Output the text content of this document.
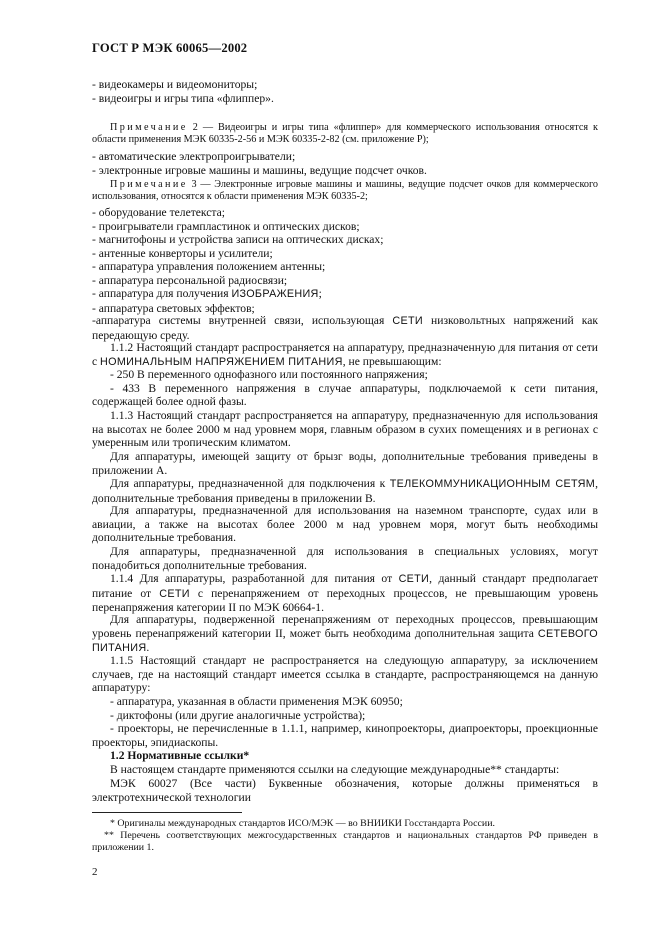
ГОСТ Р МЭК 60065—2002
- видеокамеры и видеомониторы;
- видеоигры и игры типа «флиппер».

Примечание 2 — Видеоигры и игры типа «флиппер» для коммерческого использования относятся к области применения МЭК 60335-2-56 и МЭК 60335-2-82 (см. приложение Р);

- автоматические электропроигрыватели;
- электронные игровые машины и машины, ведущие подсчет очков.

Примечание 3 — Электронные игровые машины и машины, ведущие подсчет очков для коммерческого использования, относятся к области применения МЭК 60335-2;

- оборудование телетекста;
- проигрыватели грампластинок и оптических дисков;
- магнитофоны и устройства записи на оптических дисках;
- антенные конверторы и усилители;
- аппаратура управления положением антенны;
- аппаратура персональной радиосвязи;
- аппаратура для получения ИЗОБРАЖЕНИЯ;
- аппаратура световых эффектов;

-аппаратура системы внутренней связи, использующая СЕТИ низковольтных напряжений как передающую среду.

1.1.2 Настоящий стандарт распространяется на аппаратуру, предназначенную для питания от сети с НОМИНАЛЬНЫМ НАПРЯЖЕНИЕМ ПИТАНИЯ, не превышающим:

- 250 В переменного однофазного или постоянного напряжения;
- 433 В переменного напряжения в случае аппаратуры, подключаемой к сети питания, содержащей более одной фазы.

1.1.3 Настоящий стандарт распространяется на аппаратуру, предназначенную для использования на высотах не более 2000 м над уровнем моря, главным образом в сухих помещениях и в регионах с умеренным или тропическим климатом.

Для аппаратуры, имеющей защиту от брызг воды, дополнительные требования приведены в приложении А.

Для аппаратуры, предназначенной для подключения к ТЕЛЕКОММУНИКАЦИОННЫМ СЕТЯМ, дополнительные требования приведены в приложении В.

Для аппаратуры, предназначенной для использования на наземном транспорте, судах или в авиации, а также на высотах более 2000 м над уровнем моря, могут быть необходимы дополнительные требования.

Для аппаратуры, предназначенной для использования в специальных условиях, могут понадобиться дополнительные требования.

1.1.4 Для аппаратуры, разработанной для питания от СЕТИ, данный стандарт предполагает питание от СЕТИ с перенапряжением от переходных процессов, не превышающим уровень перенапряжения категории II по МЭК 60664-1.

Для аппаратуры, подверженной перенапряжениям от переходных процессов, превышающим уровень перенапряжений категории II, может быть необходима дополнительная защита СЕТЕВОГО ПИТАНИЯ.

1.1.5 Настоящий стандарт не распространяется на следующую аппаратуру, за исключением случаев, где на настоящий стандарт имеется ссылка в стандарте, распространяющемся на данную аппаратуру:

- аппаратура, указанная в области применения МЭК 60950;
- диктофоны (или другие аналогичные устройства);
- проекторы, не перечисленные в 1.1.1, например, кинопроекторы, диапроекторы, проекционные проекторы, эпидиаскопы.

1.2 Нормативные ссылки*

В настоящем стандарте применяются ссылки на следующие международные** стандарты:

МЭК 60027 (Все части) Буквенные обозначения, которые должны применяться в электротехнической технологии

* Оригиналы международных стандартов ИСО/МЭК — во ВНИИКИ Госстандарта России.
** Перечень соответствующих межгосударственных стандартов и национальных стандартов РФ приведен в приложении 1.
2
